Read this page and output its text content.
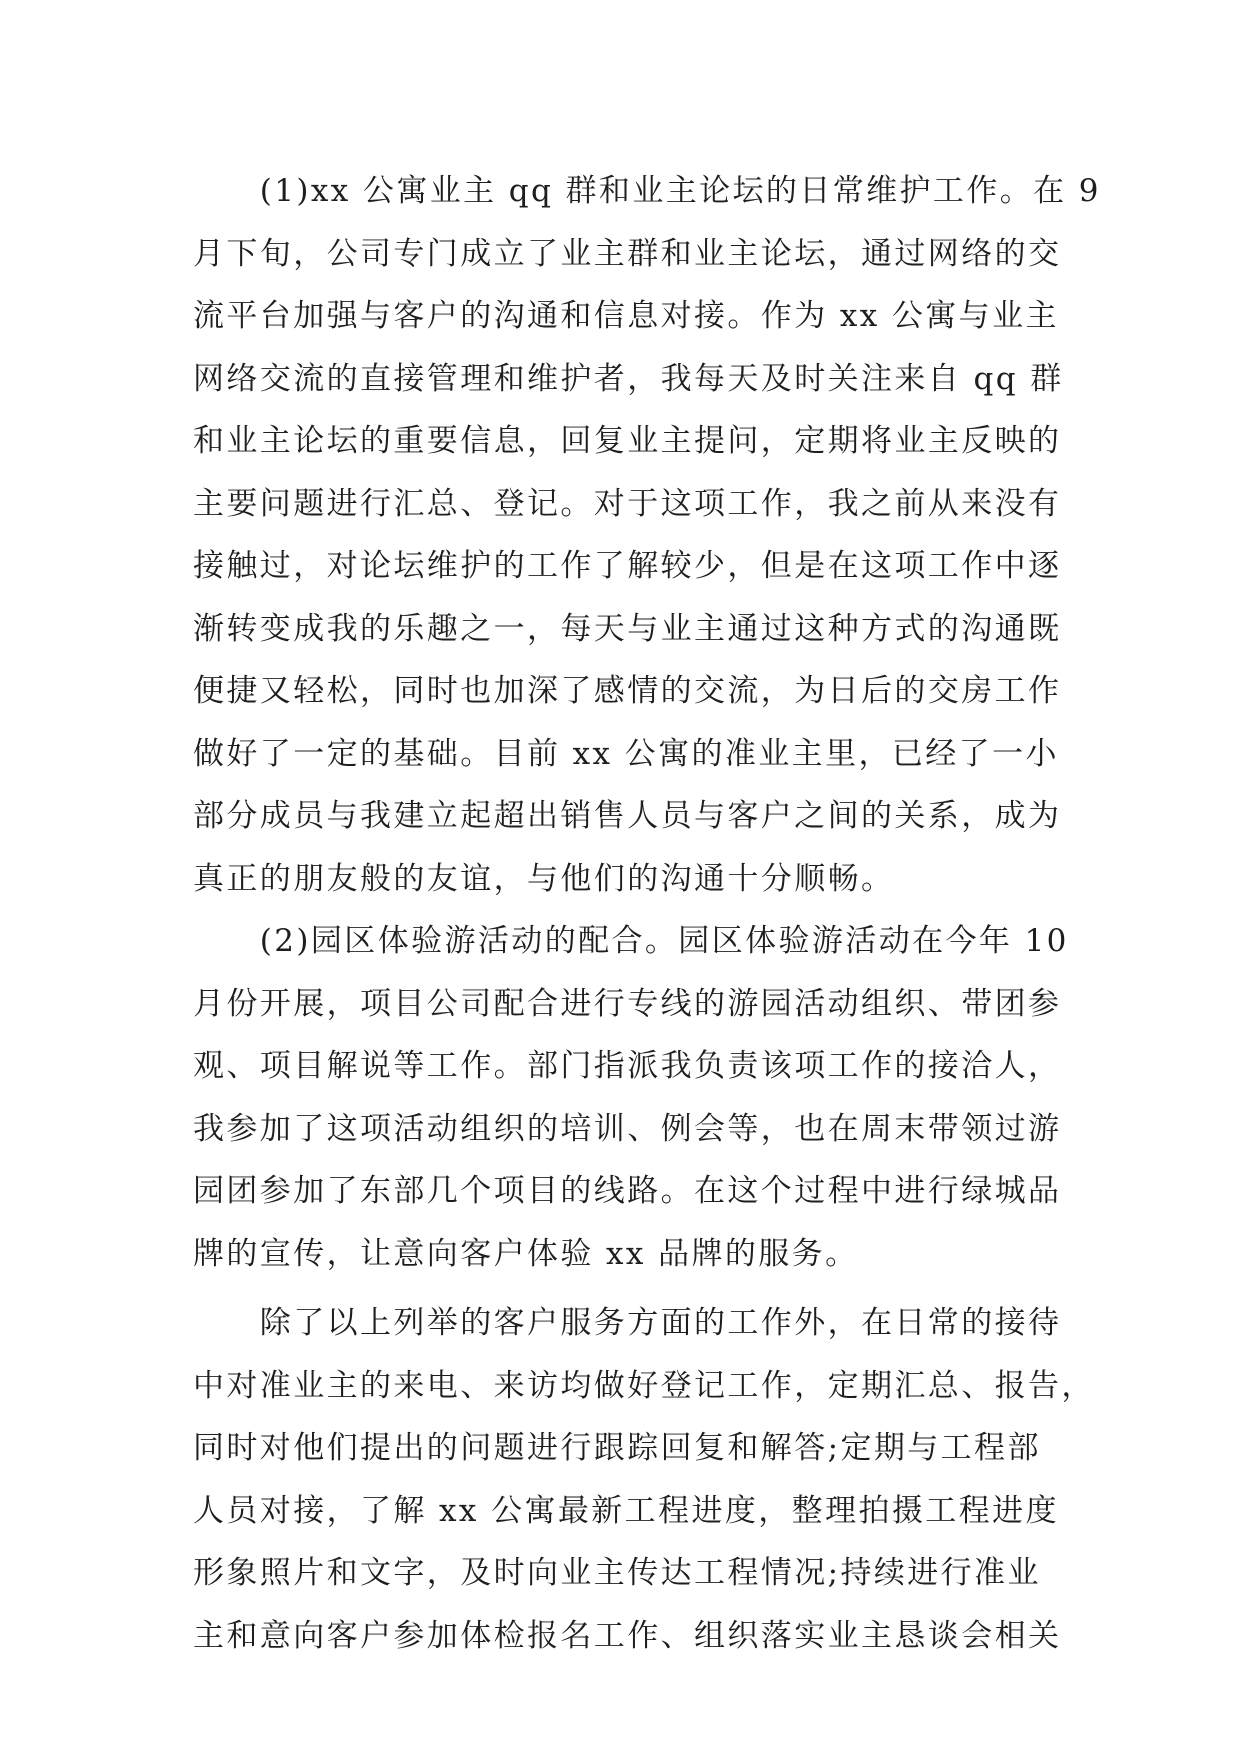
　　(1)xx 公寓业主 qq 群和业主论坛的日常维护工作。在 9
月下旬，公司专门成立了业主群和业主论坛，通过网络的交
流平台加强与客户的沟通和信息对接。作为 xx 公寓与业主
网络交流的直接管理和维护者，我每天及时关注来自 qq 群
和业主论坛的重要信息，回复业主提问，定期将业主反映的
主要问题进行汇总、登记。对于这项工作，我之前从来没有
接触过，对论坛维护的工作了解较少，但是在这项工作中逐
渐转变成我的乐趣之一，每天与业主通过这种方式的沟通既
便捷又轻松，同时也加深了感情的交流，为日后的交房工作
做好了一定的基础。目前 xx 公寓的准业主里，已经了一小
部分成员与我建立起超出销售人员与客户之间的关系，成为
真正的朋友般的友谊，与他们的沟通十分顺畅。
　　(2)园区体验游活动的配合。园区体验游活动在今年 10
月份开展，项目公司配合进行专线的游园活动组织、带团参
观、项目解说等工作。部门指派我负责该项工作的接洽人，
我参加了这项活动组织的培训、例会等，也在周末带领过游
园团参加了东部几个项目的线路。在这个过程中进行绿城品
牌的宣传，让意向客户体验 xx 品牌的服务。
　　除了以上列举的客户服务方面的工作外，在日常的接待
中对准业主的来电、来访均做好登记工作，定期汇总、报告，
同时对他们提出的问题进行跟踪回复和解答;定期与工程部
人员对接，了解 xx 公寓最新工程进度，整理拍摄工程进度
形象照片和文字，及时向业主传达工程情况;持续进行准业
主和意向客户参加体检报名工作、组织落实业主恳谈会相关
